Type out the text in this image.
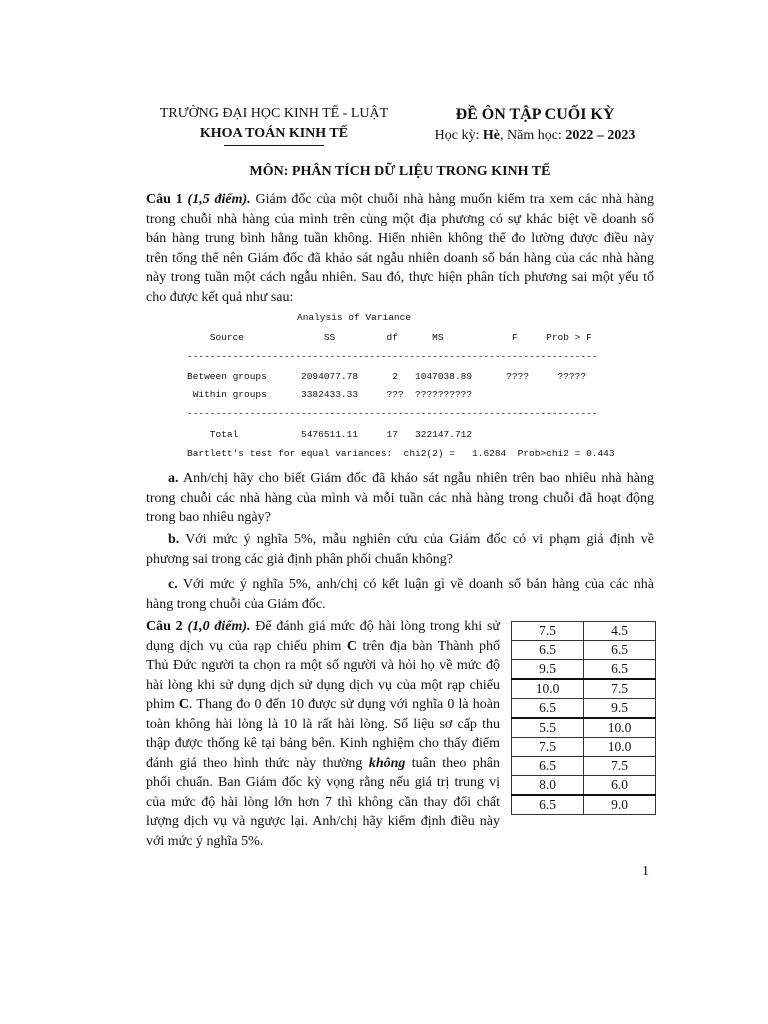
TRƯỜNG ĐẠI HỌC KINH TẾ - LUẬT
KHOA TOÁN KINH TẾ
ĐỀ ÔN TẬP CUỐI KỲ
Học kỳ: Hè, Năm học: 2022 – 2023
MÔN: PHÂN TÍCH DỮ LIỆU TRONG KINH TẾ
Câu 1 (1,5 điểm). Giám đốc của một chuỗi nhà hàng muốn kiểm tra xem các nhà hàng
trong chuỗi nhà hàng của mình trên cùng một địa phương có sự khác biệt về doanh số
bán hàng trung bình hằng tuần không. Hiển nhiên không thể đo lường được điều này
trên tổng thể nên Giám đốc đã khảo sát ngẫu nhiên doanh số bán hàng của các nhà hàng
này trong tuần một cách ngẫu nhiên. Sau đó, thực hiện phân tích phương sai một yếu tố
cho được kết quả như sau:
Analysis of Variance
Source              SS         df      MS            F     Prob > F
------------------------------------------------------------------------
Between groups      2094077.78      2   1047038.89      ????     ?????
Within groups      3382433.33     ???  ??????????
------------------------------------------------------------------------
Total           5476511.11     17   322147.712
Bartlett's test for equal variances:  chi2(2) =   1.6284  Prob>chi2 = 0.443
a. Anh/chị hãy cho biết Giám đốc đã khảo sát ngẫu nhiên trên bao nhiêu nhà hàng
trong chuỗi các nhà hàng của mình và mỗi tuần các nhà hàng trong chuỗi đã hoạt động
trong bao nhiêu ngày?
b. Với mức ý nghĩa 5%, mẫu nghiên cứu của Giám đốc có vi phạm giả định về
phương sai trong các giả định phân phối chuẩn không?
c. Với mức ý nghĩa 5%, anh/chị có kết luận gì về doanh số bán hàng của các nhà
hàng trong chuỗi của Giám đốc.
Câu 2 (1,0 điểm). Để đánh giá mức độ hài lòng trong khi sử
dụng dịch vụ của rạp chiếu phim C trên địa bàn Thành phố
Thủ Đức người ta chọn ra một số người và hỏi họ về mức độ
hài lòng khi sử dụng dịch sử dụng dịch vụ của một rạp chiếu
phim C. Thang đo 0 đến 10 được sử dụng với nghĩa 0 là hoàn
toàn không hài lòng là 10 là rất hài lòng. Số liệu sơ cấp thu
thập được thống kê tại bảng bên. Kinh nghiệm cho thấy điểm
đánh giá theo hình thức này thường không tuân theo phân
phối chuẩn. Ban Giám đốc kỳ vọng rằng nếu giá trị trung vị
của mức độ hài lòng lớn hơn 7 thì không cần thay đổi chất
lượng dịch vụ và ngược lại. Anh/chị hãy kiểm định điều này
với mức ý nghĩa 5%.
7.5	4.5
6.5	6.5
9.5	6.5
10.0	7.5
6.5	9.5
5.5	10.0
7.5	10.0
6.5	7.5
8.0	6.0
6.5	9.0
1
